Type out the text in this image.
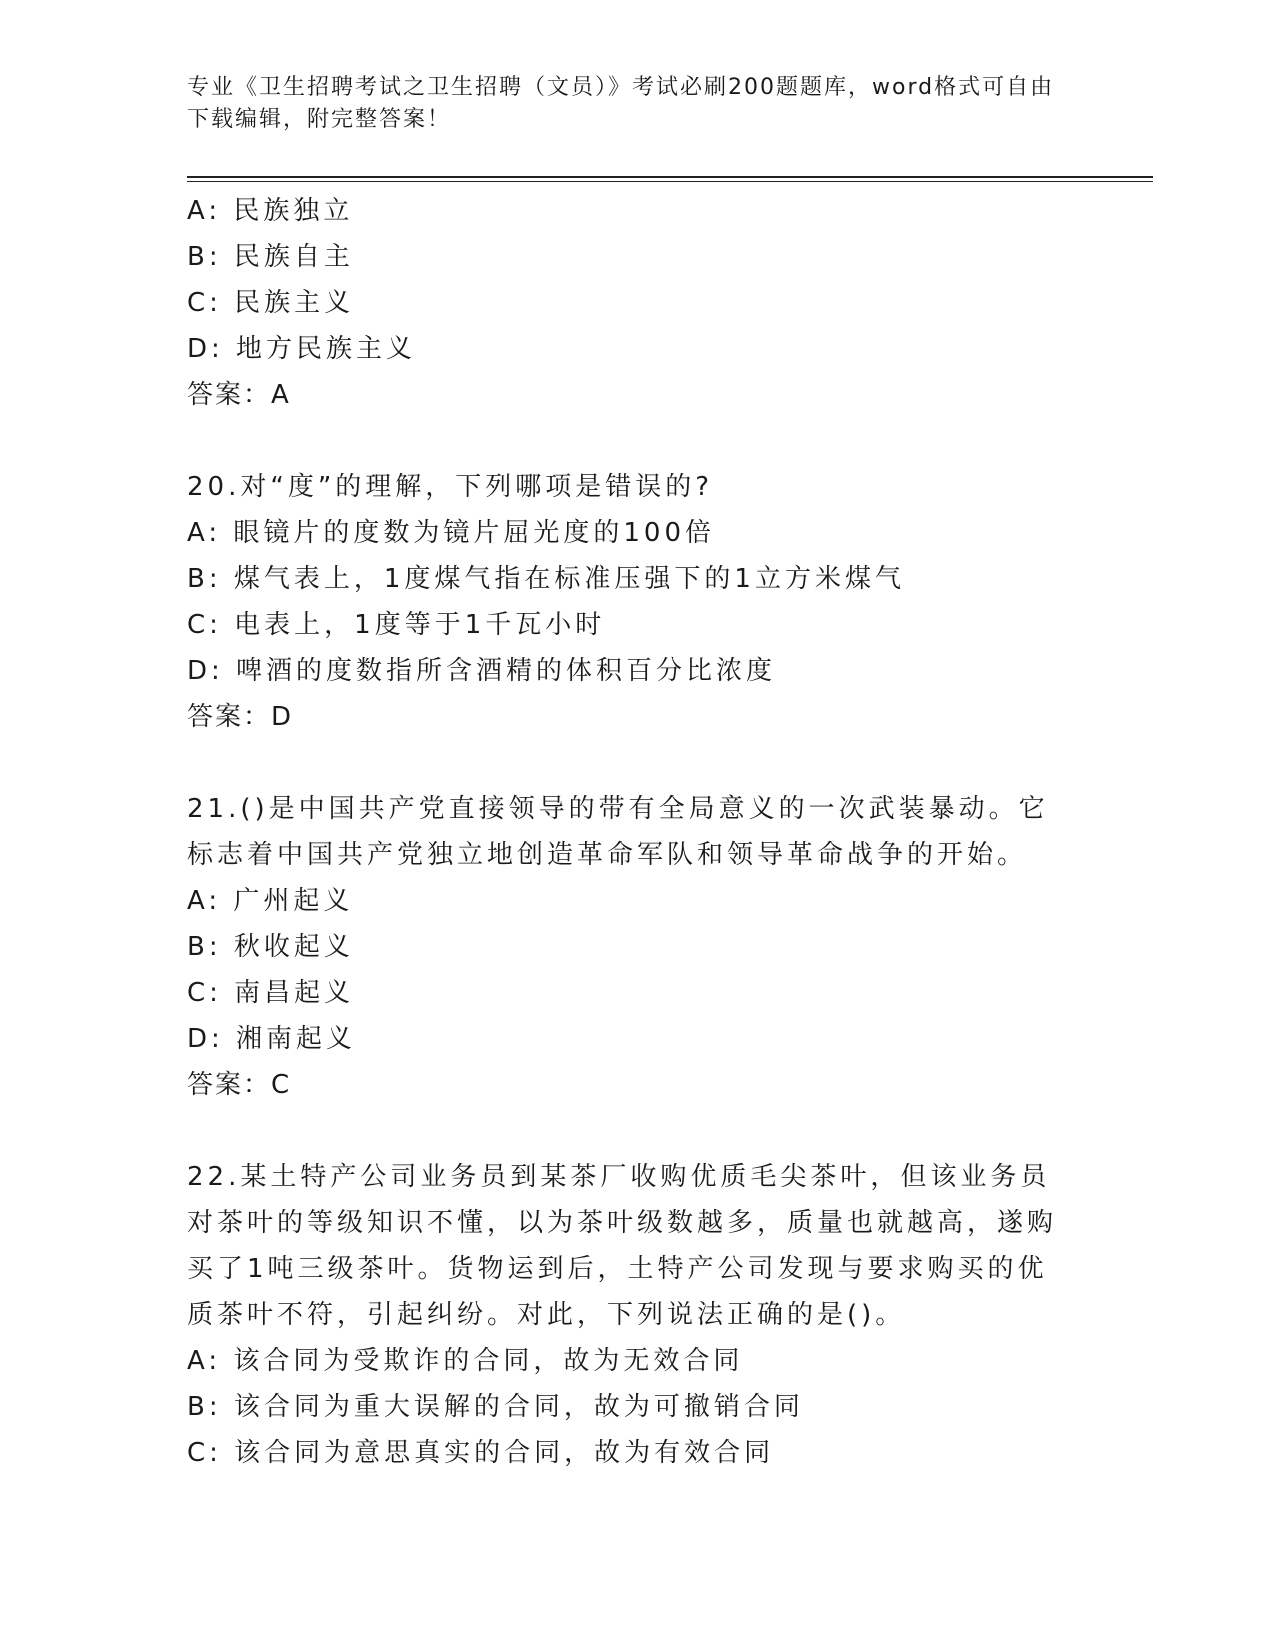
专业《卫生招聘考试之卫生招聘（文员）》考试必刷200题题库，word格式可自由下载编辑，附完整答案！
A: 民族独立
B: 民族自主
C: 民族主义
D: 地方民族主义
答案：A
20.对“度”的理解，下列哪项是错误的?
A: 眼镜片的度数为镜片屈光度的100倍
B: 煤气表上，1度煤气指在标准压强下的1立方米煤气
C: 电表上，1度等于1千瓦小时
D: 啤酒的度数指所含酒精的体积百分比浓度
答案：D
21.()是中国共产党直接领导的带有全局意义的一次武装暴动。它标志着中国共产党独立地创造革命军队和领导革命战争的开始。
A: 广州起义
B: 秋收起义
C: 南昌起义
D: 湘南起义
答案：C
22.某土特产公司业务员到某茶厂收购优质毛尖茶叶，但该业务员对茶叶的等级知识不懂，以为茶叶级数越多，质量也就越高，遂购买了1吨三级茶叶。货物运到后，土特产公司发现与要求购买的优质茶叶不符，引起纠纷。对此，下列说法正确的是()。
A: 该合同为受欺诈的合同，故为无效合同
B: 该合同为重大误解的合同，故为可撤销合同
C: 该合同为意思真实的合同，故为有效合同
